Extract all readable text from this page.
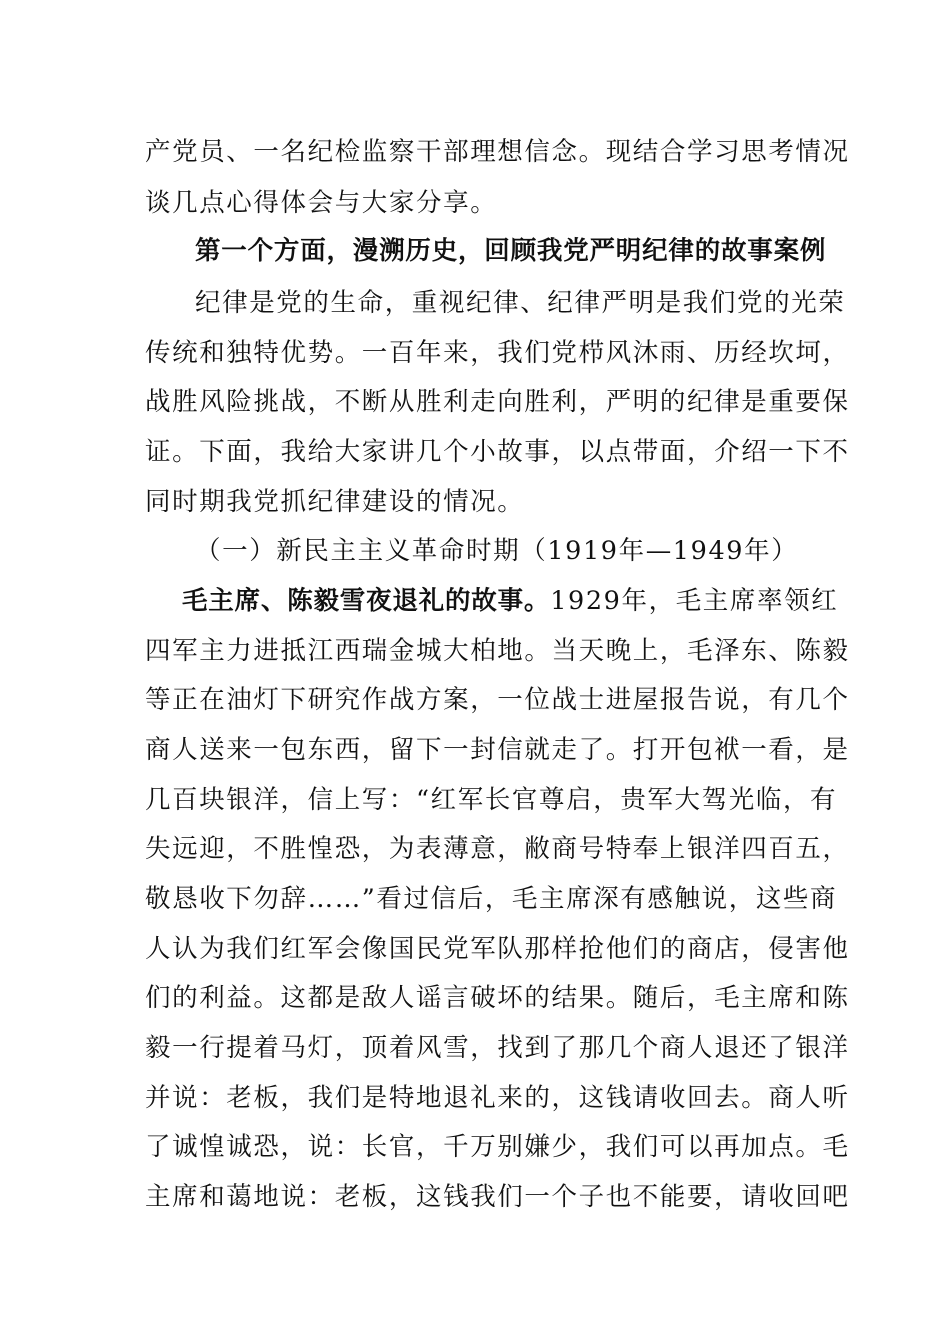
产党员、一名纪检监察干部理想信念。现结合学习思考情况
谈几点心得体会与大家分享。
第一个方面，漫溯历史，回顾我党严明纪律的故事案例
纪律是党的生命，重视纪律、纪律严明是我们党的光荣
传统和独特优势。一百年来，我们党栉风沐雨、历经坎坷，
战胜风险挑战，不断从胜利走向胜利，严明的纪律是重要保
证。下面，我给大家讲几个小故事，以点带面，介绍一下不
同时期我党抓纪律建设的情况。
（一）新民主主义革命时期（1919年—1949年）
毛主席、陈毅雪夜退礼的故事。1929年，毛主席率领红
四军主力进抵江西瑞金城大柏地。当天晚上，毛泽东、陈毅
等正在油灯下研究作战方案，一位战士进屋报告说，有几个
商人送来一包东西，留下一封信就走了。打开包袱一看，是
几百块银洋，信上写：“红军长官尊启，贵军大驾光临，有
失远迎，不胜惶恐，为表薄意，敝商号特奉上银洋四百五，
敬恳收下勿辞……”看过信后，毛主席深有感触说，这些商
人认为我们红军会像国民党军队那样抢他们的商店，侵害他
们的利益。这都是敌人谣言破坏的结果。随后，毛主席和陈
毅一行提着马灯，顶着风雪，找到了那几个商人退还了银洋
并说：老板，我们是特地退礼来的，这钱请收回去。商人听
了诚惶诚恐，说：长官，千万别嫌少，我们可以再加点。毛
主席和蔼地说：老板，这钱我们一个子也不能要，请收回吧
